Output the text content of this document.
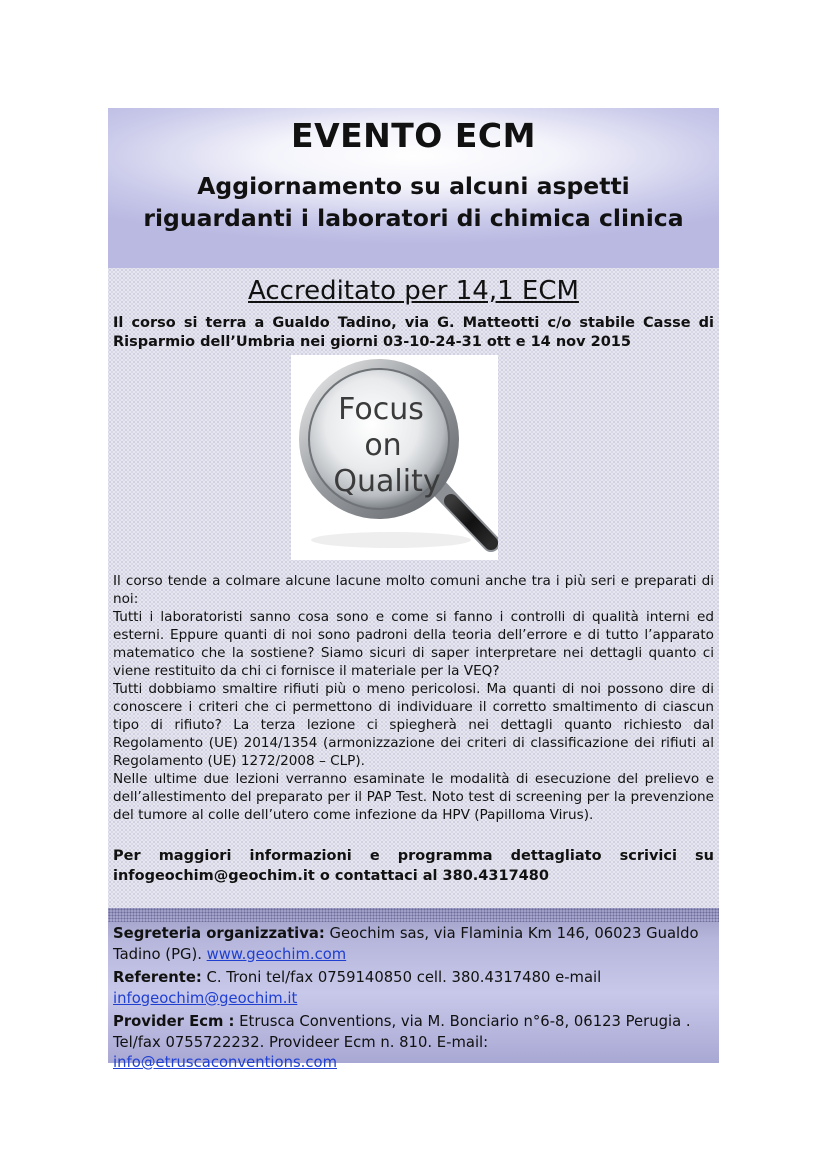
EVENTO ECM
Aggiornamento su alcuni aspetti
riguardanti i laboratori di chimica clinica
Accreditato per 14,1 ECM
Il corso si terra a Gualdo Tadino, via G. Matteotti c/o stabile Casse di Risparmio dell’Umbria nei giorni 03-10-24-31 ott e 14 nov 2015
Focus
on
Quality

Il corso tende a colmare alcune lacune molto comuni anche tra i più seri e preparati di noi:

Tutti i laboratoristi sanno cosa sono e come si fanno i controlli di qualità interni ed esterni. Eppure quanti di noi sono padroni della teoria dell’errore e di tutto l’apparato matematico che la sostiene? Siamo sicuri di saper interpretare nei dettagli quanto ci viene restituito da chi ci fornisce il materiale per la VEQ?

Tutti dobbiamo smaltire rifiuti più o meno pericolosi. Ma quanti di noi possono dire di conoscere i criteri che ci permettono di individuare il corretto smaltimento di ciascun tipo di rifiuto? La terza lezione ci spiegherà nei dettagli quanto richiesto dal Regolamento (UE) 2014/1354 (armonizzazione dei criteri di classificazione dei rifiuti al Regolamento (UE) 1272/2008 – CLP).

Nelle ultime due lezioni verranno esaminate le modalità di esecuzione del prelievo e dell’allestimento del preparato per il PAP Test. Noto test di screening per la prevenzione del tumore al colle dell’utero come infezione da HPV (Papilloma Virus).

Per maggiori informazioni e programma dettagliato scrivici su
infogeochim@geochim.it o contattaci al 380.4317480

Segreteria organizzativa: Geochim sas, via Flaminia Km 146, 06023 Gualdo Tadino (PG). www.geochim.com

Referente: C. Troni tel/fax 0759140850 cell. 380.4317480 e-mail infogeochim@geochim.it

Provider Ecm : Etrusca Conventions, via M. Bonciario n°6-8, 06123 Perugia . Tel/fax 0755722232. Provideer Ecm n. 810. E-mail: info@etruscaconventions.com
